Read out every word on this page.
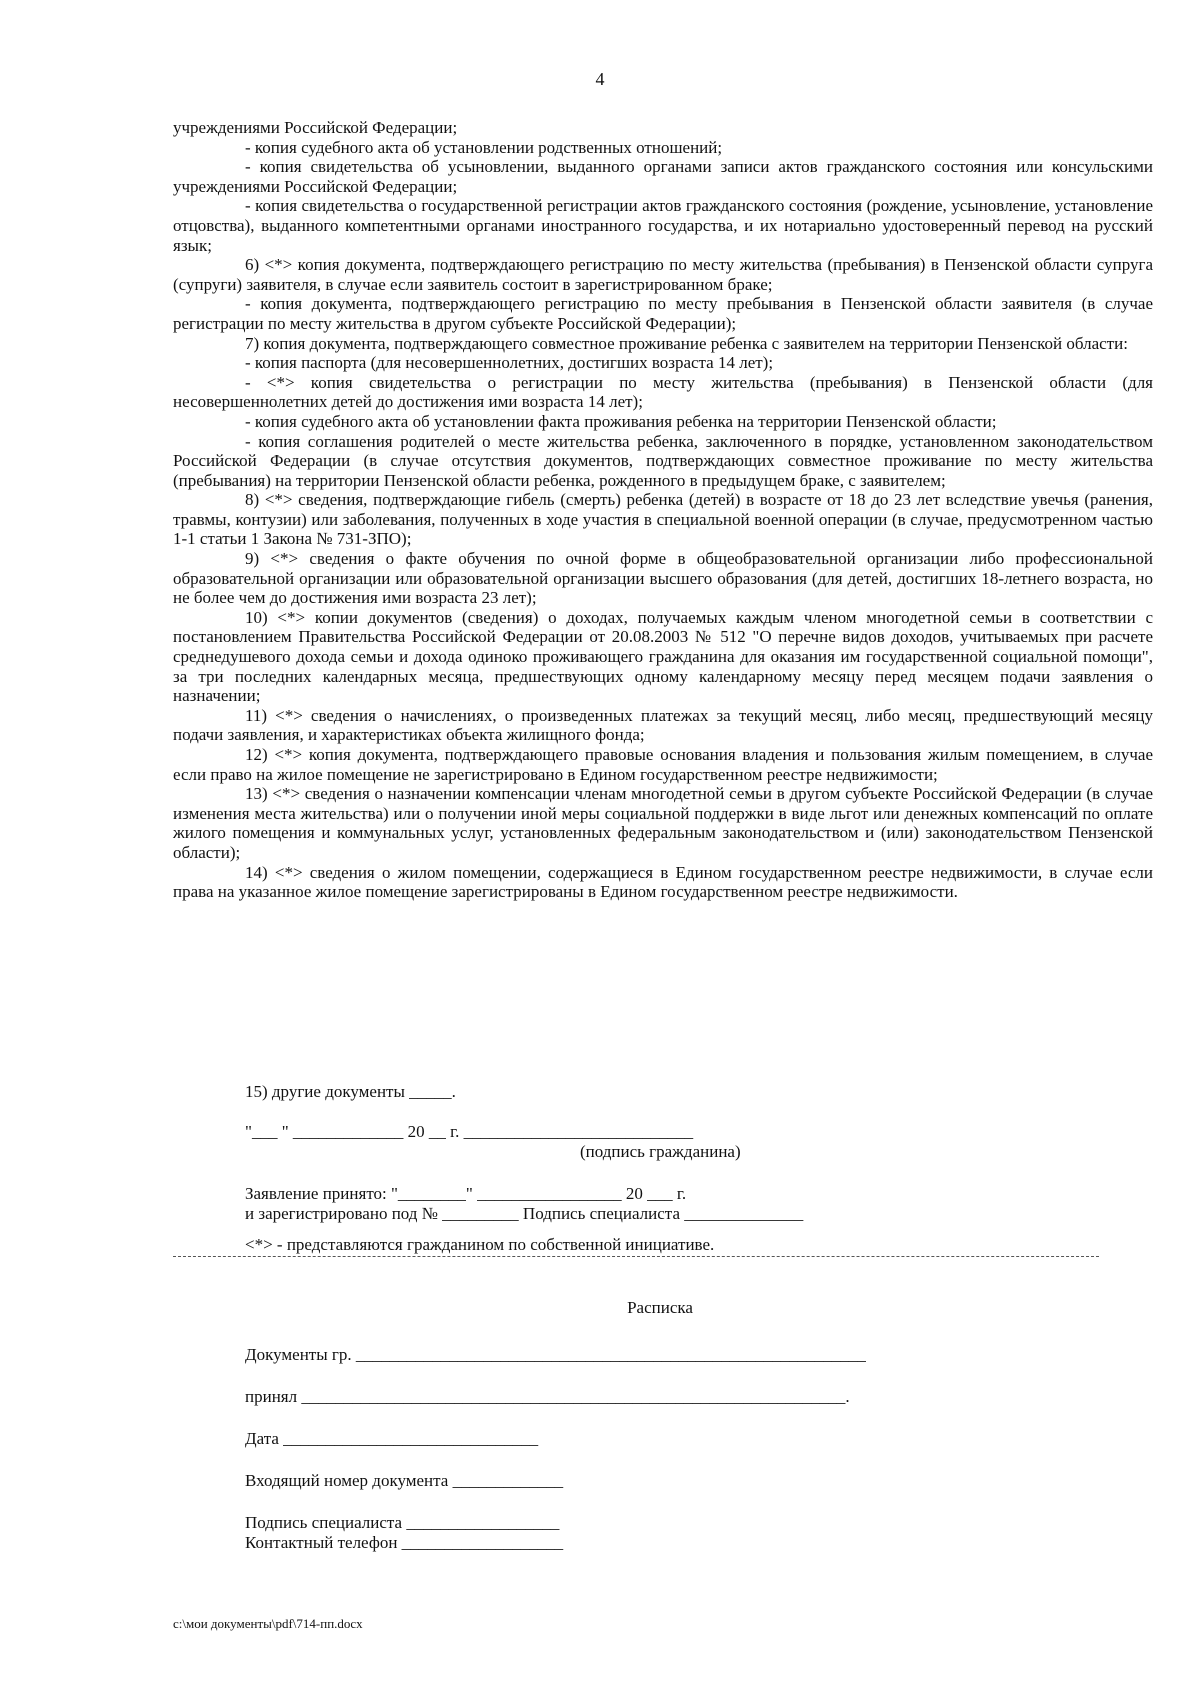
4

учреждениями Российской Федерации;

- копия судебного акта об установлении родственных отношений;

- копия свидетельства об усыновлении, выданного органами записи актов гражданского состояния или консульскими учреждениями Российской Федерации;

- копия свидетельства о государственной регистрации актов гражданского состояния (рождение, усыновление, установление отцовства), выданного компетентными органами иностранного государства, и их нотариально удостоверенный перевод на русский язык;

6) <*> копия документа, подтверждающего регистрацию по месту жительства (пребывания) в Пензенской области супруга (супруги) заявителя, в случае если заявитель состоит в зарегистрированном браке;

- копия документа, подтверждающего регистрацию по месту пребывания в Пензенской области заявителя (в случае регистрации по месту жительства в другом субъекте Российской Федерации);

7) копия документа, подтверждающего совместное проживание ребенка с заявителем на территории Пензенской области:

- копия паспорта (для несовершеннолетних, достигших возраста 14 лет);

- <*> копия свидетельства о регистрации по месту жительства (пребывания) в Пензенской области (для несовершеннолетних детей до достижения ими возраста 14 лет);

- копия судебного акта об установлении факта проживания ребенка на территории Пензенской области;

- копия соглашения родителей о месте жительства ребенка, заключенного в порядке, установленном законодательством Российской Федерации (в случае отсутствия документов, подтверждающих совместное проживание по месту жительства (пребывания) на территории Пензенской области ребенка, рожденного в предыдущем браке, с заявителем;

8) <*> сведения, подтверждающие гибель (смерть) ребенка (детей) в возрасте от 18 до 23 лет вследствие увечья (ранения, травмы, контузии) или заболевания, полученных в ходе участия в специальной военной операции (в случае, предусмотренном частью 1-1 статьи 1 Закона № 731-ЗПО);

9) <*> сведения о факте обучения по очной форме в общеобразовательной организации либо профессиональной образовательной организации или образовательной организации высшего образования (для детей, достигших 18-летнего возраста, но не более чем до достижения ими возраста 23 лет);

10) <*> копии документов (сведения) о доходах, получаемых каждым членом многодетной семьи в соответствии с постановлением Правительства Российской Федерации от 20.08.2003 № 512 "О перечне видов доходов, учитываемых при расчете среднедушевого дохода семьи и дохода одиноко проживающего гражданина для оказания им государственной социальной помощи", за три последних календарных месяца, предшествующих одному календарному месяцу перед месяцем подачи заявления о назначении;

11) <*> сведения о начислениях, о произведенных платежах за текущий месяц, либо месяц, предшествующий месяцу подачи заявления, и характеристиках объекта жилищного фонда;

12) <*> копия документа, подтверждающего правовые основания владения и пользования жилым помещением, в случае если право на жилое помещение не зарегистрировано в Едином государственном реестре недвижимости;

13) <*> сведения о назначении компенсации членам многодетной семьи в другом субъекте Российской Федерации (в случае изменения места жительства) или о получении иной меры социальной поддержки в виде льгот или денежных компенсаций по оплате жилого помещения и коммунальных услуг, установленных федеральным законодательством и (или) законодательством Пензенской области);

14) <*> сведения о жилом помещении, содержащиеся в Едином государственном реестре недвижимости, в случае если права на указанное жилое помещение зарегистрированы в Едином государственном реестре недвижимости.

15) другие документы _____.
"___ " _____________ 20 __ г. ___________________________
(подпись гражданина)
Заявление принято: "________" _________________ 20 ___ г.
и зарегистрировано под № _________ Подпись специалиста ______________
<*> - представляются гражданином по собственной инициативе.
Расписка
Документы гр. ____________________________________________________________
принял ________________________________________________________________.
Дата ______________________________
Входящий номер документа _____________
Подпись специалиста __________________
Контактный телефон ___________________
c:\мои документы\pdf\714-пп.docx
